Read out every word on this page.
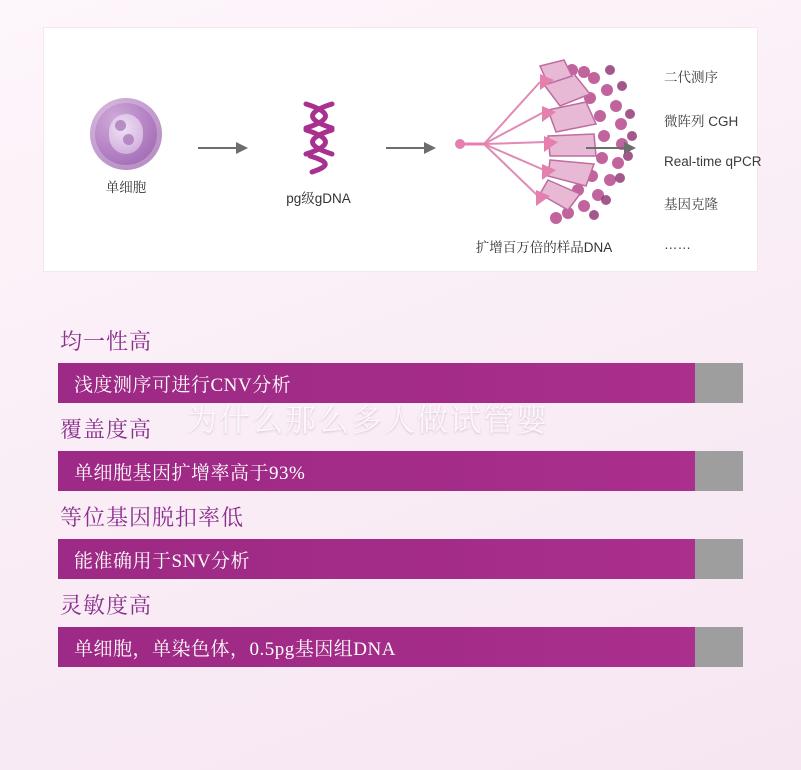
单细胞
pg级gDNA
扩增百万倍的样品DNA
二代测序
微阵列 CGH
Real-time qPCR
基因克隆
……
均一性高
浅度测序可进行CNV分析
覆盖度高
单细胞基因扩增率高于93%
等位基因脱扣率低
能准确用于SNV分析
灵敏度高
单细胞，单染色体，0.5pg基因组DNA
为什么那么多人做试管婴
